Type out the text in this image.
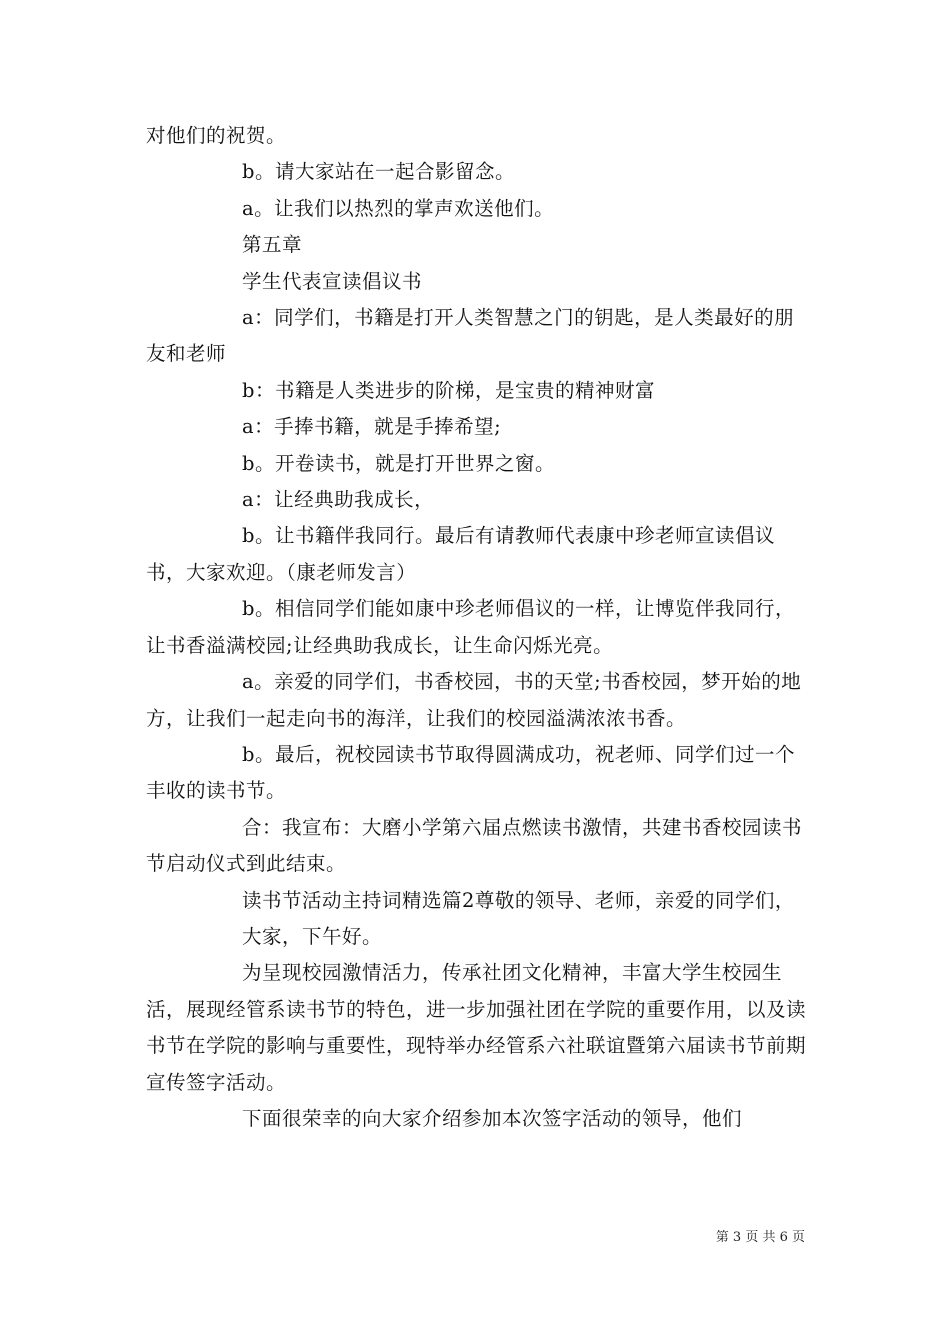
对他们的祝贺。

b。请大家站在一起合影留念。

a。让我们以热烈的掌声欢送他们。

第五章

学生代表宣读倡议书

a：同学们，书籍是打开人类智慧之门的钥匙，是人类最好的朋友和老师

b：书籍是人类进步的阶梯，是宝贵的精神财富

a：手捧书籍，就是手捧希望;

b。开卷读书，就是打开世界之窗。

a：让经典助我成长，

b。让书籍伴我同行。最后有请教师代表康中珍老师宣读倡议书，大家欢迎。（康老师发言）

b。相信同学们能如康中珍老师倡议的一样，让博览伴我同行，让书香溢满校园;让经典助我成长，让生命闪烁光亮。

a。亲爱的同学们，书香校园，书的天堂;书香校园，梦开始的地方，让我们一起走向书的海洋，让我们的校园溢满浓浓书香。

b。最后，祝校园读书节取得圆满成功，祝老师、同学们过一个丰收的读书节。

合：我宣布：大磨小学第六届点燃读书激情，共建书香校园读书节启动仪式到此结束。

读书节活动主持词精选篇2尊敬的领导、老师，亲爱的同学们，

大家，下午好。

为呈现校园激情活力，传承社团文化精神，丰富大学生校园生活，展现经管系读书节的特色，进一步加强社团在学院的重要作用，以及读书节在学院的影响与重要性，现特举办经管系六社联谊暨第六届读书节前期宣传签字活动。

下面很荣幸的向大家介绍参加本次签字活动的领导，他们

第 3 页 共 6 页
